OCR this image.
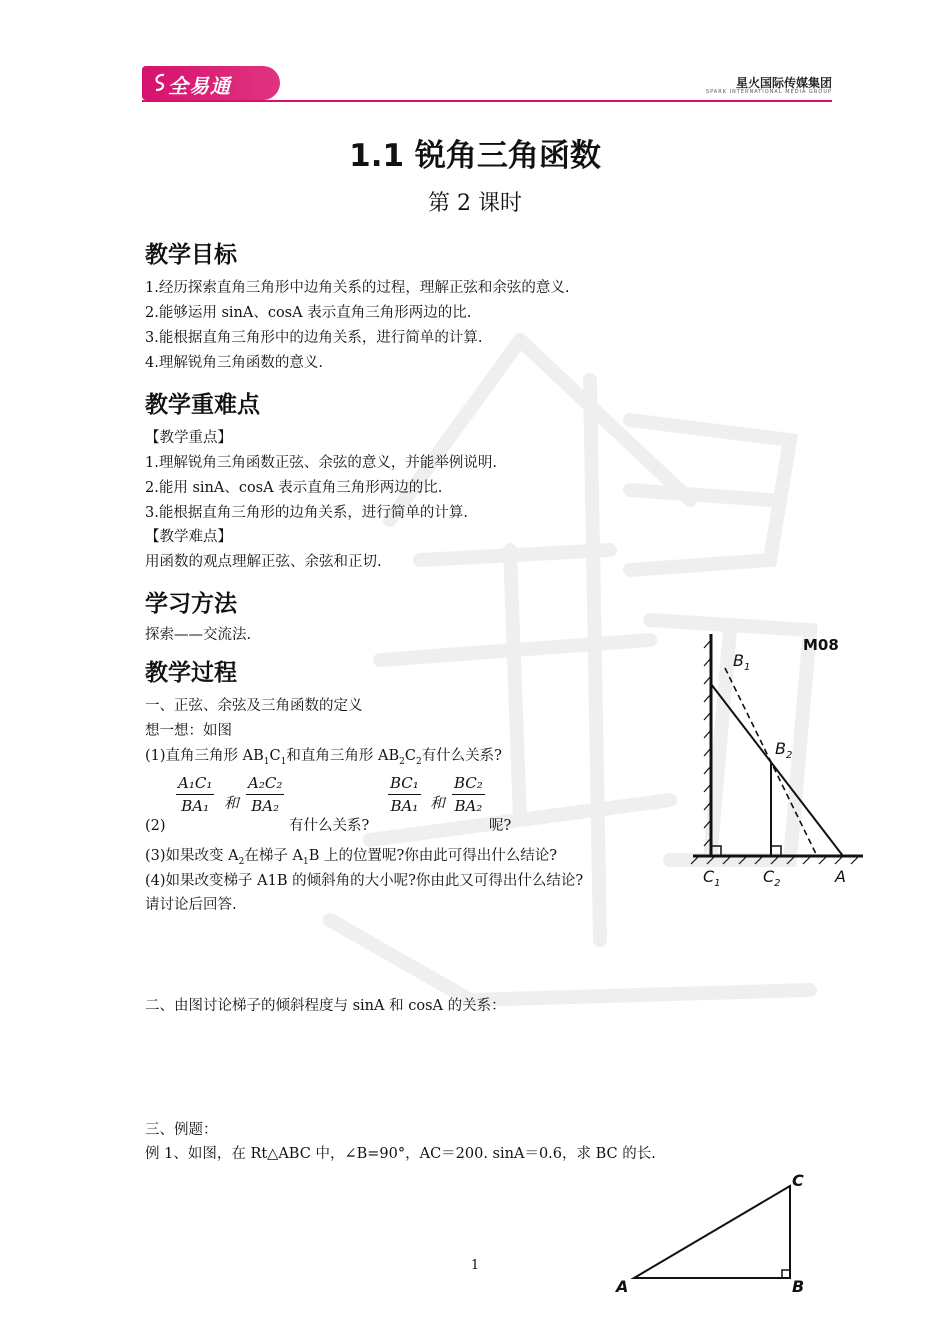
全易通	星火国际传媒集团
SPARK INTERNATIONAL MEDIA GROUP
1.1 锐角三角函数
第 2 课时
教学目标
1.经历探索直角三角形中边角关系的过程，理解正弦和余弦的意义.
2.能够运用 sinA、cosA 表示直角三角形两边的比.
3.能根据直角三角形中的边角关系，进行简单的计算.
4.理解锐角三角函数的意义.
教学重难点
【教学重点】
1.理解锐角三角函数正弦、余弦的意义，并能举例说明.
2.能用 sinA、cosA 表示直角三角形两边的比.
3.能根据直角三角形的边角关系，进行简单的计算.
【教学难点】
用函数的观点理解正弦、余弦和正切.
学习方法
探索——交流法.
教学过程
一、正弦、余弦及三角函数的定义
想一想：如图
(1)直角三角形 $AB_1C_1$和直角三角形 $AB_2C_2$有什么关系?
(2)
$\frac{\text{A₁C₁}}{\text{BA₁}}$ 和 $\frac{\text{A₂C₂}}{\text{BA₂}}$
有什么关系?
$\frac{\text{BC₁}}{\text{BA₁}}$ 和 $\frac{\text{BC₂}}{\text{BA₂}}$
呢?
(3)如果改变 $A_2$在梯子 $A_1B$ 上的位置呢?你由此可得出什么结论?
(4)如果改变梯子 A1B 的倾斜角的大小呢?你由此又可得出什么结论?
请讨论后回答.
二、由图讨论梯子的倾斜程度与 sinA 和 cosA 的关系：
三、例题：
例 1、如图，在 Rt△ABC 中，∠B=90°，AC＝200. sinA＝0.6，求 BC 的长.
M08
$B_1$
$B_2$
$C_1$	$C_2$	A
C
A	B
1
